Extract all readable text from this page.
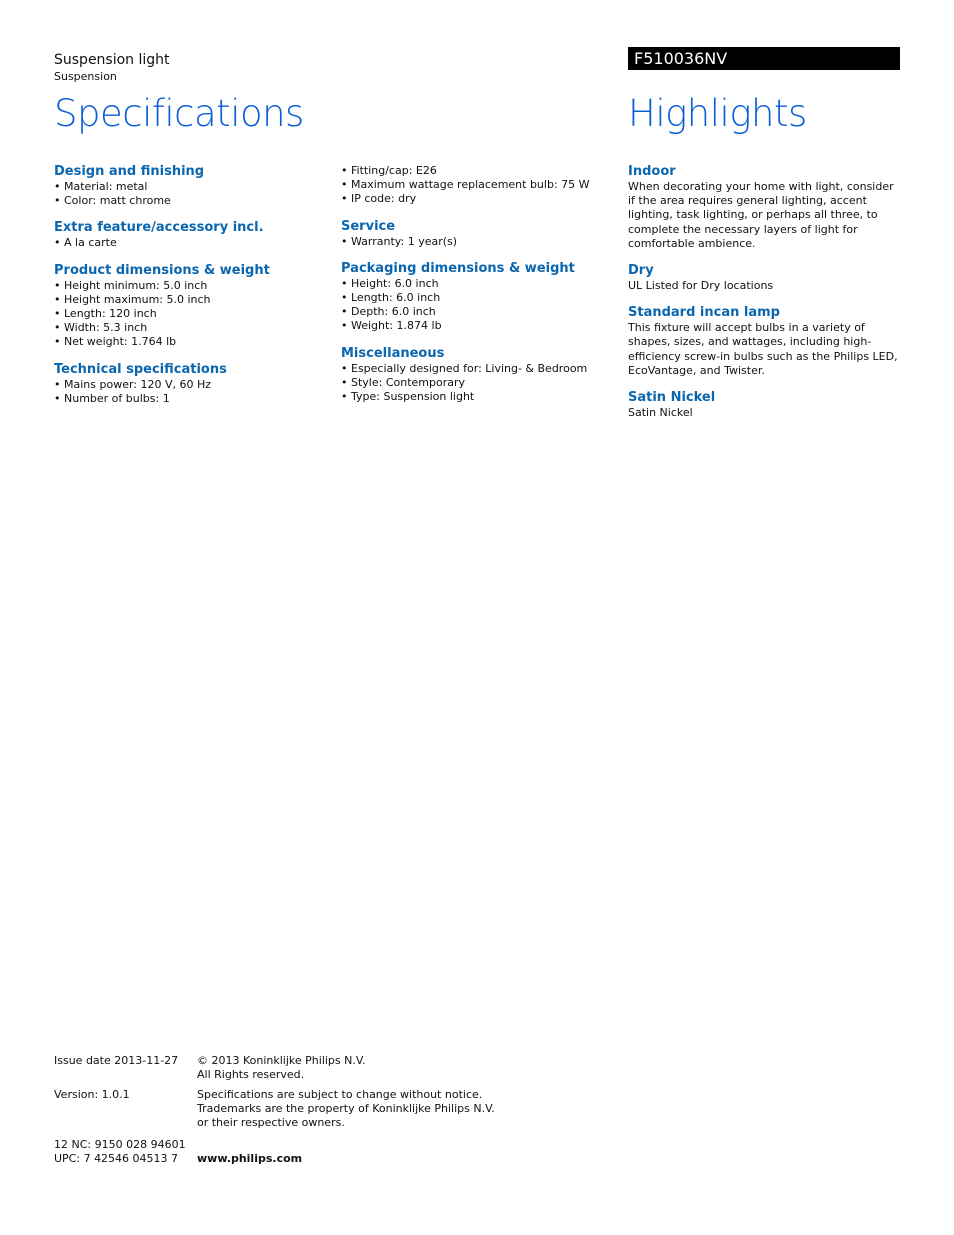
Suspension light
Suspension
F510036NV
Specifications	Highlights
Design and finishing
• Material: metal
• Color: matt chrome
Extra feature/accessory incl.
• A la carte
Product dimensions & weight
• Height minimum: 5.0 inch
• Height maximum: 5.0 inch
• Length: 120 inch
• Width: 5.3 inch
• Net weight: 1.764 lb
Technical specifications
• Mains power: 120 V, 60 Hz
• Number of bulbs: 1
• Fitting/cap: E26
• Maximum wattage replacement bulb: 75 W
• IP code: dry
Service
• Warranty: 1 year(s)
Packaging dimensions & weight
• Height: 6.0 inch
• Length: 6.0 inch
• Depth: 6.0 inch
• Weight: 1.874 lb
Miscellaneous
• Especially designed for: Living- & Bedroom
• Style: Contemporary
• Type: Suspension light
Indoor

When decorating your home with light, consider if the area requires general lighting, accent lighting, task lighting, or perhaps all three, to complete the necessary layers of light for comfortable ambience.

Dry

UL Listed for Dry locations

Standard incan lamp

This fixture will accept bulbs in a variety of shapes, sizes, and wattages, including high-efficiency screw-in bulbs such as the Philips LED, EcoVantage, and Twister.

Satin Nickel

Satin Nickel

Issue date 2013-11-27 © 2013 Koninklijke Philips N.V.

All Rights reserved.

Version: 1.0.1	Specifications are subject to change without notice.

Trademarks are the property of Koninklijke Philips N.V.

or their respective owners.

12 NC: 9150 028 94601

UPC: 7 42546 04513 7	www.philips.com
